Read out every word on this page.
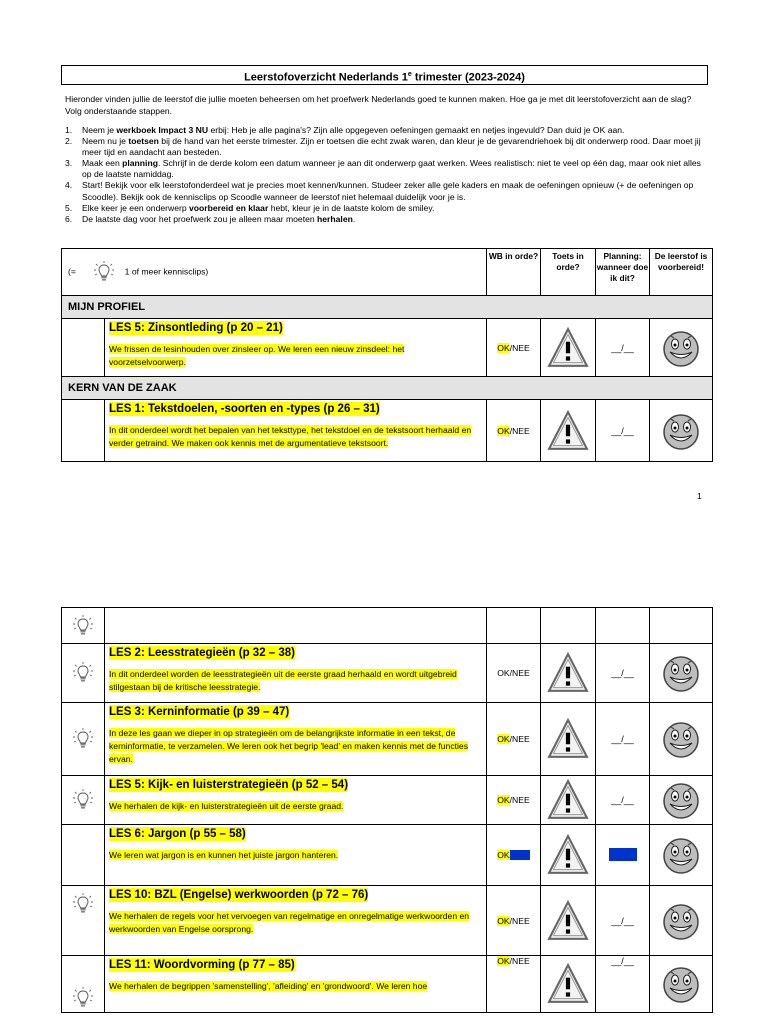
Leerstofoverzicht Nederlands 1e trimester (2023-2024)
Hieronder vinden jullie de leerstof die jullie moeten beheersen om het proefwerk Nederlands goed te kunnen maken. Hoe ga je met dit leerstofoverzicht aan de slag? Volg onderstaande stappen.
1. Neem je werkboek Impact 3 NU erbij: Heb je alle pagina's? Zijn alle opgegeven oefeningen gemaakt en netjes ingevuld? Dan duid je OK aan.
2. Neem nu je toetsen bij de hand van het eerste trimester. Zijn er toetsen die echt zwak waren, dan kleur je de gevarendriehoek bij dit onderwerp rood. Daar moet jij meer tijd en aandacht aan besteden.
3. Maak een planning. Schrijf in de derde kolom een datum wanneer je aan dit onderwerp gaat werken. Wees realistisch: niet te veel op één dag, maar ook niet alles op de laatste namiddag.
4. Start! Bekijk voor elk leerstofonderdeel wat je precies moet kennen/kunnen. Studeer zeker alle gele kaders en maak de oefeningen opnieuw (+ de oefeningen op Scoodle). Bekijk ook de kennisclips op Scoodle wanneer de leerstof niet helemaal duidelijk voor je is.
5. Elke keer je een onderwerp voorbereid en klaar hebt, kleur je in de laatste kolom de smiley.
6. De laatste dag voor het proefwerk zou je alleen maar moeten herhalen.
(= 1 of meer kennisclips)		WB in orde?	Toets in orde?	Planning: wanneer doe ik dit?	De leerstof is voorbereid!
MIJN PROFIEL					

	LES 5: Zinsontleding (p 20 – 21)
We frissen de lesinhouden over zinsleer op. We leren een nieuw zinsdeel: het voorzetselvoorwerp.	OK/NEE		__/__	

KERN VAN DE ZAAK					

	LES 1: Tekstdoelen, -soorten en -types (p 26 – 31)
In dit onderdeel wordt het bepalen van het teksttype, het tekstdoel en de tekstsoort herhaald en verder getraind. We maken ook kennis met de argumentatieve tekstsoort.	OK/NEE		__/__	
1

LES 2: Leesstrategieën (p 32 – 38)
In dit onderdeel worden de leesstrategieën uit de eerste graad herhaald en wordt uitgebreid stilgestaan bij de kritische leesstrategie.	OK/NEE		__/__	

LES 3: Kerninformatie (p 39 – 47)
In deze les gaan we dieper in op strategieën om de belangrijkste informatie in een tekst, de kerninformatie, te verzamelen. We leren ook het begrip 'lead' en maken kennis met de functies ervan.	OK/NEE		__/__	

LES 5: Kijk- en luisterstrategieën (p 52 – 54)
We herhalen de kijk- en luisterstrategieën uit de eerste graad.	OK/NEE		__/__	

	LES 6: Jargon (p 55 – 58)
We leren wat jargon is en kunnen het juiste jargon hanteren.	OK/NEE	

LES 10: BZL (Engelse) werkwoorden (p 72 – 76)
We herhalen de regels voor het vervoegen van regelmatige en onregelmatige werkwoorden en werkwoorden van Engelse oorsprong.	OK/NEE		__/__	

LES 11: Woordvorming (p 77 – 85)
We herhalen de begrippen 'samenstelling', 'afleiding' en 'grondwoord'. We leren hoe	OK/NEE		__/__	
